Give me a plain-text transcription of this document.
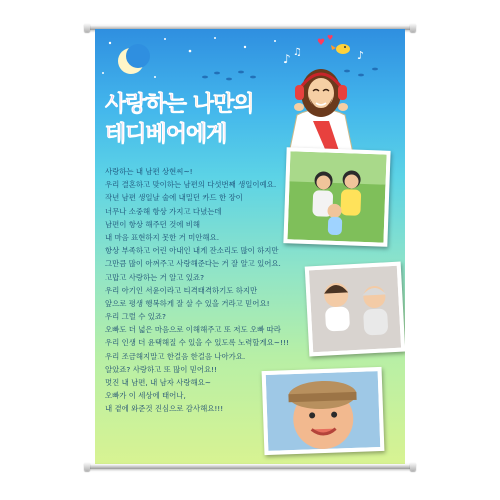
♪ ♫	♪
♥ ♥
사랑하는 나만의
테디베어에게
사랑하는 내 남편 상현씨~!
우리 결혼하고 맞이하는 남편의 다섯번째 생일이예요.
작년 남편 생일날 술에 내밀던 카드 한 장이
너무나 소중해 항상 가지고 다녔는데
남편이 항상 해주던 것에 비해
내 마음 표현하지 못한 거 미안해요.
항상 부족하고 어린 아내인 내게 잔소리도 많이 하지만
그만큼 많이 아껴주고 사랑해준다는 거 잘 알고 있어요.
고맙고 사랑하는 거 알고 있죠?
우리 아기인 서윤이라고 티격태격하기도 하지만
앞으로 평생 행복하게 잘 살 수 있을 거라고 믿어요!
우리 그럴 수 있죠?
오빠도 더 넓은 마음으로 이해해주고 또 저도 오빠 따라
우리 인생 더 윤택해질 수 있을 수 있도록 노력할게요~!!!
우리 조금해지말고 한걸음 한걸음 나아가요.
알았죠? 사랑하고 또 많이 믿어요!!
멋진 내 남편, 내 남자 사랑해요~
오빠가 이 세상에 태어나,
내 곁에 와준것 진심으로 감사해요!!!
